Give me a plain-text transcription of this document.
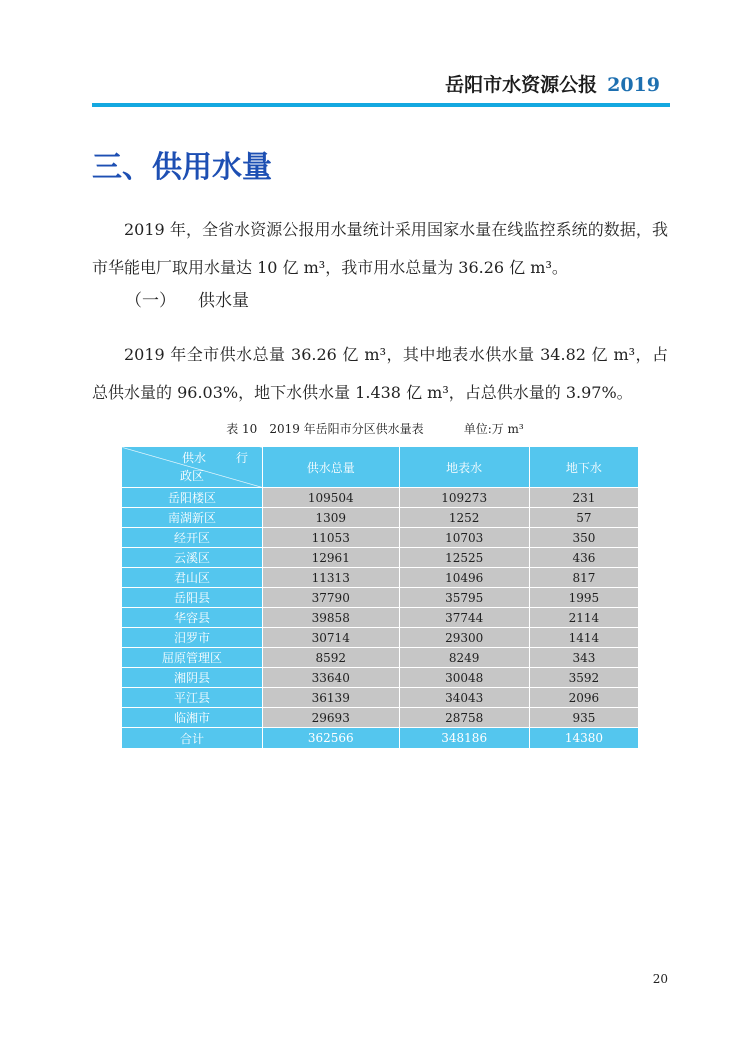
岳阳市水资源公报 2019
三、供用水量

2019 年，全省水资源公报用水量统计采用国家水量在线监控系统的数据，我市华能电厂取用水量达 10 亿 m³，我市用水总量为 36.26 亿 m³。

（一） 供水量

2019 年全市供水总量 36.26 亿 m³，其中地表水供水量 34.82 亿 m³，占总供水量的 96.03%，地下水供水量 1.438 亿 m³，占总供水量的 3.97%。

表 10　2019 年岳阳市分区供水量表	单位:万 m³
供水 行
政区	供水总量	地表水	地下水
岳阳楼区	109504	109273	231
南湖新区	1309	1252	57
经开区	11053	10703	350
云溪区	12961	12525	436
君山区	11313	10496	817
岳阳县	37790	35795	1995
华容县	39858	37744	2114
汨罗市	30714	29300	1414
屈原管理区	8592	8249	343
湘阴县	33640	30048	3592
平江县	36139	34043	2096
临湘市	29693	28758	935
合计	362566	348186	14380
20
